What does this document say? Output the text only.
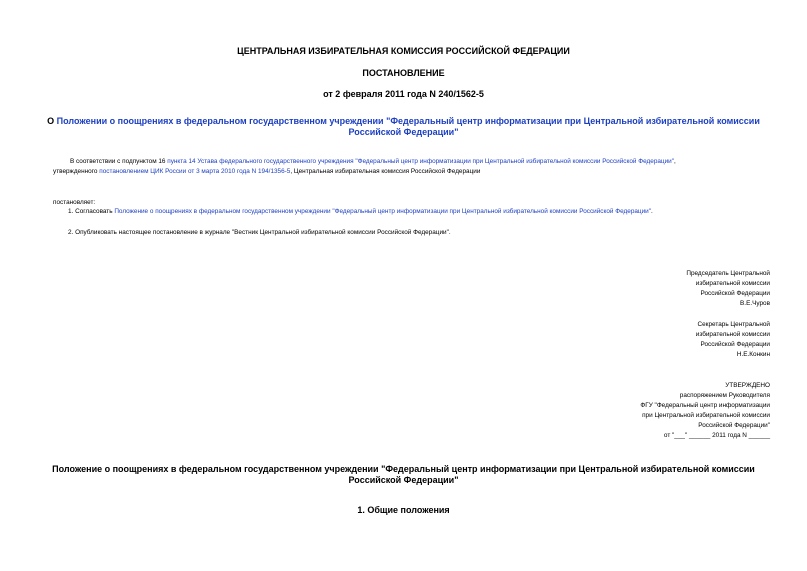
ЦЕНТРАЛЬНАЯ ИЗБИРАТЕЛЬНАЯ КОМИССИЯ РОССИЙСКОЙ ФЕДЕРАЦИИ
ПОСТАНОВЛЕНИЕ
от 2 февраля 2011 года N 240/1562-5
О Положении о поощрениях в федеральном государственном учреждении "Федеральный центр информатизации при Центральной избирательной комиссии
Российской Федерации"
В соответствии с подпунктом 16 пункта 14 Устава федерального государственного учреждения "Федеральный центр информатизации при Центральной избирательной комиссии Российской Федерации",
утвержденного постановлением ЦИК России от 3 марта 2010 года N 194/1356-5, Центральная избирательная комиссия Российской Федерации
постановляет:
1. Согласовать Положение о поощрениях в федеральном государственном учреждении "Федеральный центр информатизации при Центральной избирательной комиссии Российской Федерации".
2. Опубликовать настоящее постановление в журнале "Вестник Центральной избирательной комиссии Российской Федерации".
Председатель Центральной
избирательной комиссии
Российской Федерации
В.Е.Чуров
Секретарь Центральной
избирательной комиссии
Российской Федерации
Н.Е.Конкин
УТВЕРЖДЕНО
распоряжением Руководителя
ФГУ "Федеральный центр информатизации
при Центральной избирательной комиссии
Российской Федерации"
от "___" ______ 2011 года N ______
Положение о поощрениях в федеральном государственном учреждении "Федеральный центр информатизации при Центральной избирательной комиссии
Российской Федерации"
1. Общие положения
